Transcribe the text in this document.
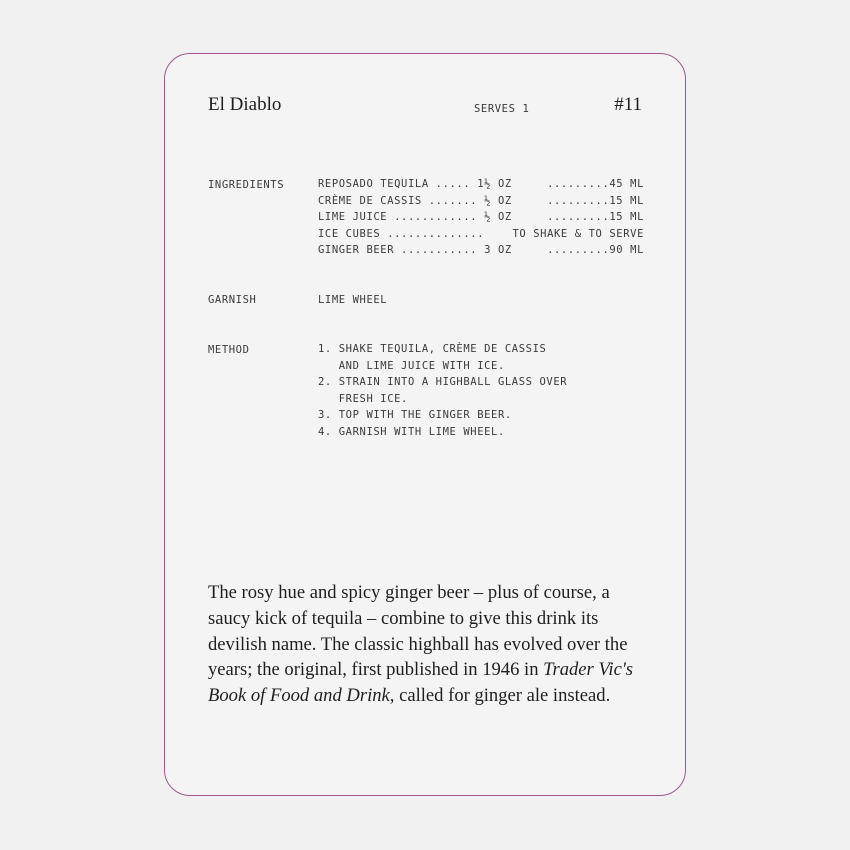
El Diablo	SERVES 1	#11
INGREDIENTS	REPOSADO TEQUILA ..... 1½ OZ	.........45 ML
CRÈME DE CASSIS ....... ½ OZ	.........15 ML
LIME JUICE ............ ½ OZ	.........15 ML
ICE CUBES ..............	TO SHAKE & TO SERVE
GINGER BEER ........... 3 OZ	.........90 ML
GARNISH	LIME WHEEL
METHOD	1. SHAKE TEQUILA, CRÈME DE CASSIS
AND LIME JUICE WITH ICE.
2. STRAIN INTO A HIGHBALL GLASS OVER
FRESH ICE.
3. TOP WITH THE GINGER BEER.
4. GARNISH WITH LIME WHEEL.

The rosy hue and spicy ginger beer – plus of course, a saucy kick of tequila – combine to give this drink its devilish name. The classic highball has evolved over the years; the original, first published in 1946 in Trader Vic's Book of Food and Drink, called for ginger ale instead.
